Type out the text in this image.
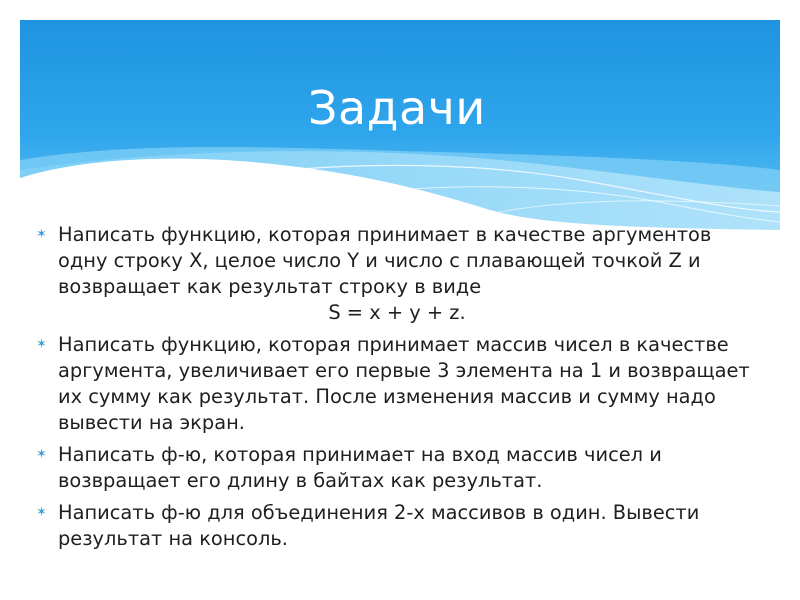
Задачи
✶ Написать функцию, которая принимает в качестве аргументов одну строку X, целое число Y и число с плавающей точкой Z и возвращает как результат строку в виде
S = x + y + z.
✶ Написать функцию, которая принимает массив чисел в качестве аргумента, увеличивает его первые 3 элемента на 1 и возвращает их сумму как результат. После изменения массив и сумму надо вывести на экран.
✶ Написать ф-ю, которая принимает на вход массив чисел и возвращает его длину в байтах как результат.
✶ Написать ф-ю для объединения 2-х массивов в один. Вывести результат на консоль.
